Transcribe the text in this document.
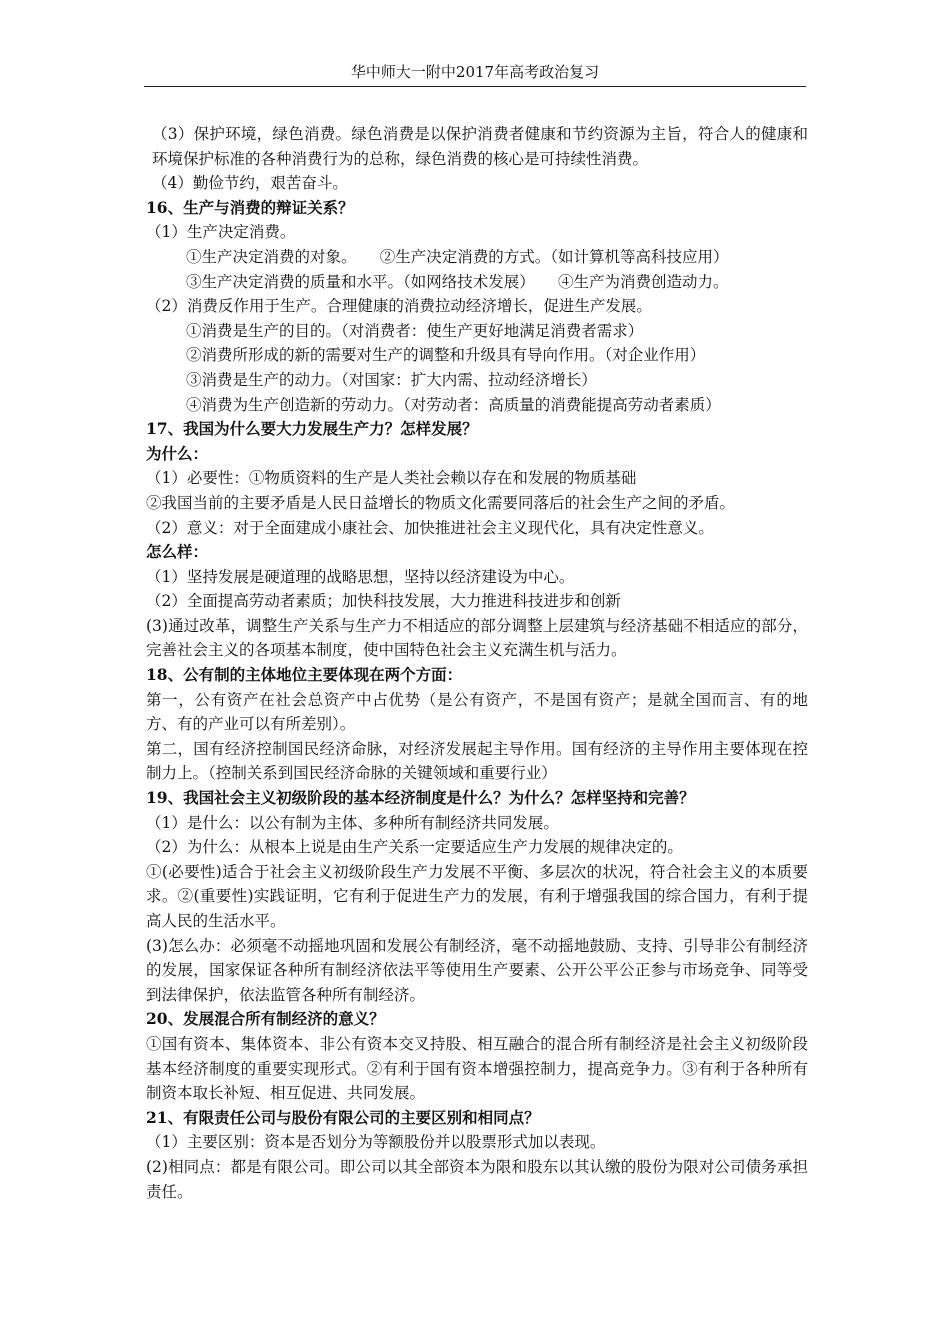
华中师大一附中2017年高考政治复习
（3）保护环境，绿色消费。绿色消费是以保护消费者健康和节约资源为主旨，符合人的健康和环境保护标准的各种消费行为的总称，绿色消费的核心是可持续性消费。
（4）勤俭节约，艰苦奋斗。
16、生产与消费的辩证关系？
（1）生产决定消费。
①生产决定消费的对象。　　②生产决定消费的方式。（如计算机等高科技应用）
③生产决定消费的质量和水平。（如网络技术发展）　　④生产为消费创造动力。
（2）消费反作用于生产。合理健康的消费拉动经济增长，促进生产发展。
①消费是生产的目的。（对消费者：使生产更好地满足消费者需求）
②消费所形成的新的需要对生产的调整和升级具有导向作用。（对企业作用）
③消费是生产的动力。（对国家：扩大内需、拉动经济增长）
④消费为生产创造新的劳动力。（对劳动者：高质量的消费能提高劳动者素质）
17、我国为什么要大力发展生产力？怎样发展？
为什么：
（1）必要性：①物质资料的生产是人类社会赖以存在和发展的物质基础
②我国当前的主要矛盾是人民日益增长的物质文化需要同落后的社会生产之间的矛盾。
（2）意义：对于全面建成小康社会、加快推进社会主义现代化，具有决定性意义。
怎么样：
（1）坚持发展是硬道理的战略思想，坚持以经济建设为中心。
（2）全面提高劳动者素质；加快科技发展，大力推进科技进步和创新
(3)通过改革，调整生产关系与生产力不相适应的部分调整上层建筑与经济基础不相适应的部分，完善社会主义的各项基本制度，使中国特色社会主义充满生机与活力。
18、公有制的主体地位主要体现在两个方面：
第一，公有资产在社会总资产中占优势（是公有资产，不是国有资产；是就全国而言、有的地方、有的产业可以有所差别）。
第二，国有经济控制国民经济命脉，对经济发展起主导作用。国有经济的主导作用主要体现在控制力上。（控制关系到国民经济命脉的关键领域和重要行业）
19、我国社会主义初级阶段的基本经济制度是什么？为什么？怎样坚持和完善？
（1）是什么：以公有制为主体、多种所有制经济共同发展。
（2）为什么：从根本上说是由生产关系一定要适应生产力发展的规律决定的。
①(必要性)适合于社会主义初级阶段生产力发展不平衡、多层次的状况，符合社会主义的本质要求。②(重要性)实践证明，它有利于促进生产力的发展，有利于增强我国的综合国力，有利于提高人民的生活水平。
(3)怎么办：必须毫不动摇地巩固和发展公有制经济，毫不动摇地鼓励、支持、引导非公有制经济的发展，国家保证各种所有制经济依法平等使用生产要素、公开公平公正参与市场竞争、同等受到法律保护，依法监管各种所有制经济。
20、发展混合所有制经济的意义？
①国有资本、集体资本、非公有资本交叉持股、相互融合的混合所有制经济是社会主义初级阶段基本经济制度的重要实现形式。②有利于国有资本增强控制力，提高竞争力。③有利于各种所有制资本取长补短、相互促进、共同发展。
21、有限责任公司与股份有限公司的主要区别和相同点？
（1）主要区别：资本是否划分为等额股份并以股票形式加以表现。
(2)相同点：都是有限公司。即公司以其全部资本为限和股东以其认缴的股份为限对公司债务承担责任。
